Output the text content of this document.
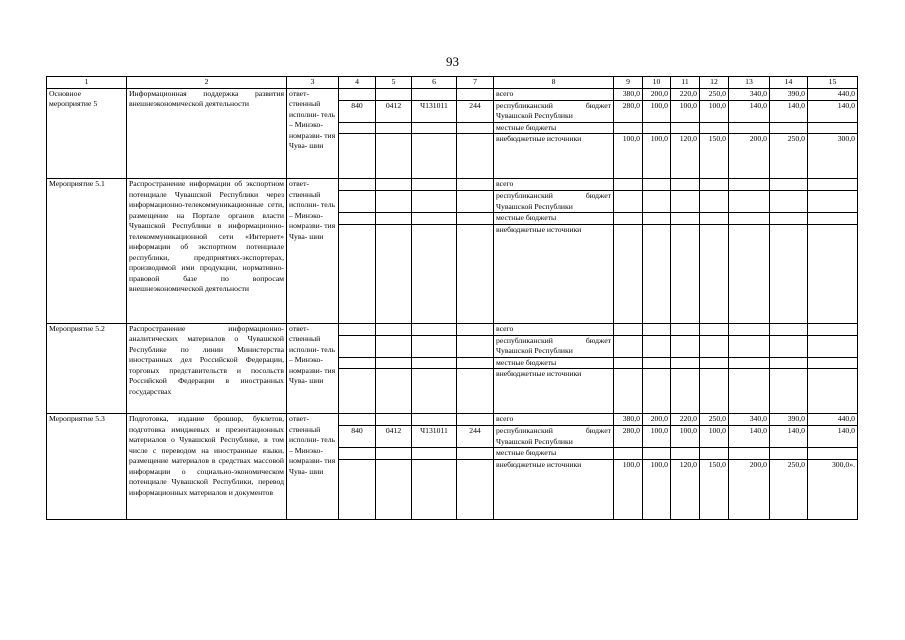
93
1	2	3	4	5	6	7	8	9	10	11	12	13	14	15
Основное мероприятие 5	Информационная поддержка развития внешнеэкономической деятельности	ответ- ственный исполни- тель – Минэко- номразви- тия Чува- шии					всего	380,0	200,0	220,0	250,0	340,0	390,0	440,0
			840	0412	Ч131011	244	республиканский бюджет Чувашской Республики	280,0	100,0	100,0	100,0	140,0	140,0	140,0
							местные бюджеты							
							внебюджетные источники	100,0	100,0	120,0	150,0	200,0	250,0	300,0
Мероприятие 5.1	Распространение информации об экспортном потенциале Чувашской Республики через информационно-телекоммуникационные сети, размещение на Портале органов власти Чувашской Республики в информационно-телекоммуникационной сети «Интернет» информации об экспортном потенциале республики, предприятиях-экспортерах, производимой ими продукции, нормативно-правовой базе по вопросам внешнеэкономической деятельности	ответ- ственный исполни- тель – Минэко- номразви- тия Чува- шии					всего							
							республиканский бюджет Чувашской Республики							
							местные бюджеты							
							внебюджетные источники							
Мероприятие 5.2	Распространение информационно-аналитических материалов о Чувашской Республике по линии Министерства иностранных дел Российской Федерации, торговых представительств и посольств Российской Федерации в иностранных государствах	ответ- ственный исполни- тель – Минэко- номразви- тия Чува- шии					всего							
							республиканский бюджет Чувашской Республики							
							местные бюджеты							
							внебюджетные источники							
Мероприятие 5.3	Подготовка, издание брошюр, буклетов, подготовка имиджевых и презентационных материалов о Чувашской Республике, в том числе с переводом на иностранные языки, размещение материалов в средствах массовой информации о социально-экономическом потенциале Чувашской Республики, перевод информационных материалов и документов	ответ- ственный исполни- тель – Минэко- номразви- тия Чува- шии					всего	380,0	200,0	220,0	250,0	340,0	390,0	440,0
			840	0412	Ч131011	244	республиканский бюджет Чувашской Республики	280,0	100,0	100,0	100,0	140,0	140,0	140,0
							местные бюджеты							
							внебюджетные источники	100,0	100,0	120,0	150,0	200,0	250,0	300,0».
